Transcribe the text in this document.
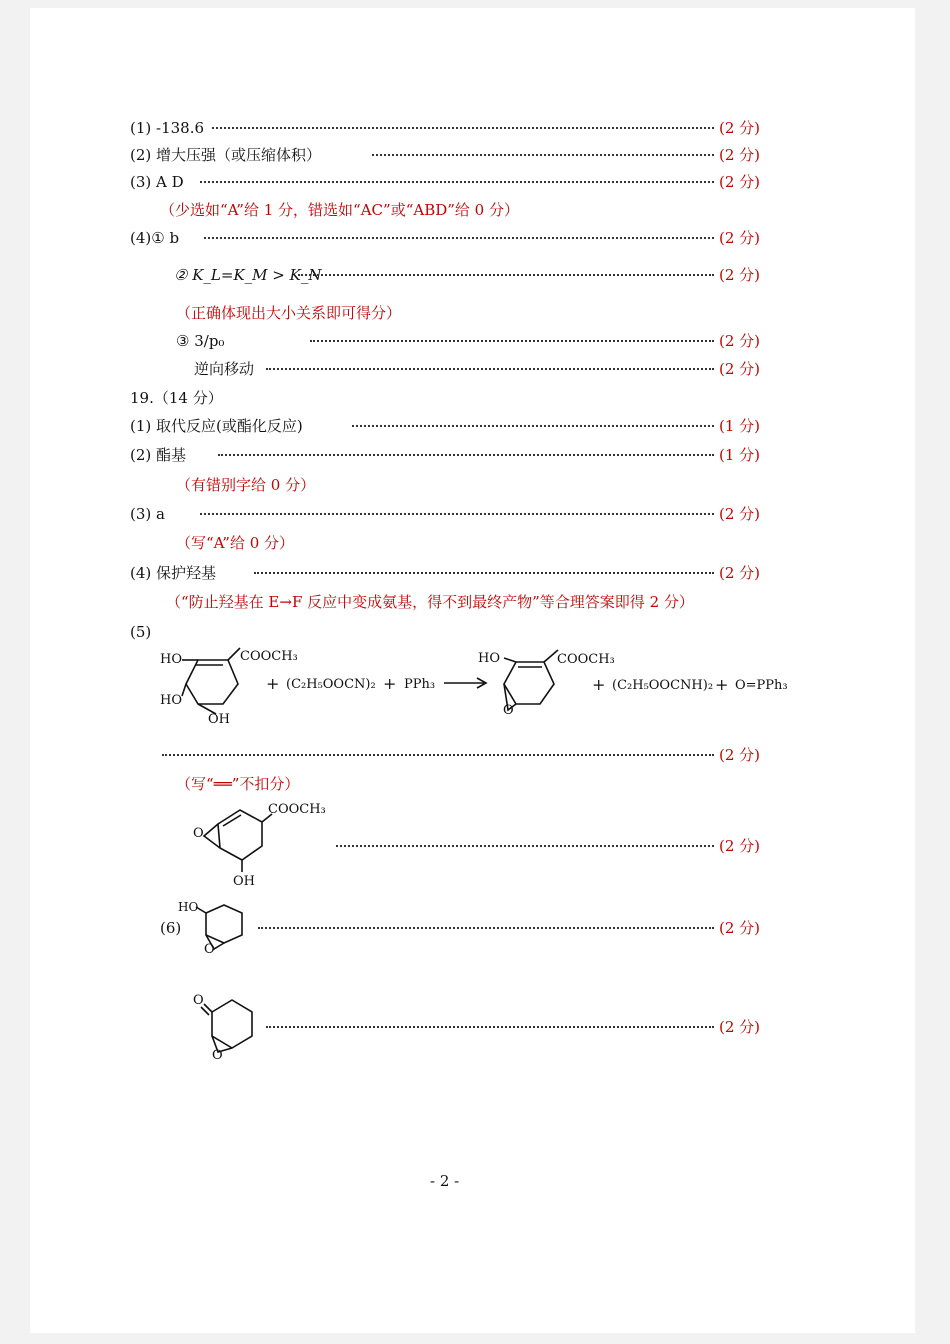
(1) -138.6	(2 分)
(2) 增大压强（或压缩体积）	(2 分)
(3) A D	(2 分)
（少选如“A”给 1 分，错选如“AC”或“ABD”给 0 分）
(4)① b	(2 分)
② K_L=K_M > K_N	(2 分)
（正确体现出大小关系即可得分）
③ 3/p₀	(2 分)
逆向移动	(2 分)
19.（14 分）
(1) 取代反应(或酯化反应)	(1 分)
(2) 酯基	(1 分)
（有错别字给 0 分）
(3) a	(2 分)
（写“A”给 0 分）
(4) 保护羟基	(2 分)
（“防止羟基在 E→F 反应中变成氨基，得不到最终产物”等合理答案即得 2 分）
(5)
HO	COOCH₃
HO
OH
+ (C₂H₅OOCN)₂ + PPh₃ →
HO	COOCH₃
O
+ (C₂H₅OOCNH)₂ + O=PPh₃
(2 分)
（写“══”不扣分）
O
COOCH₃
OH
(2 分)
HO
O
(6)	(2 分)
O
O
(2 分)
- 2 -
